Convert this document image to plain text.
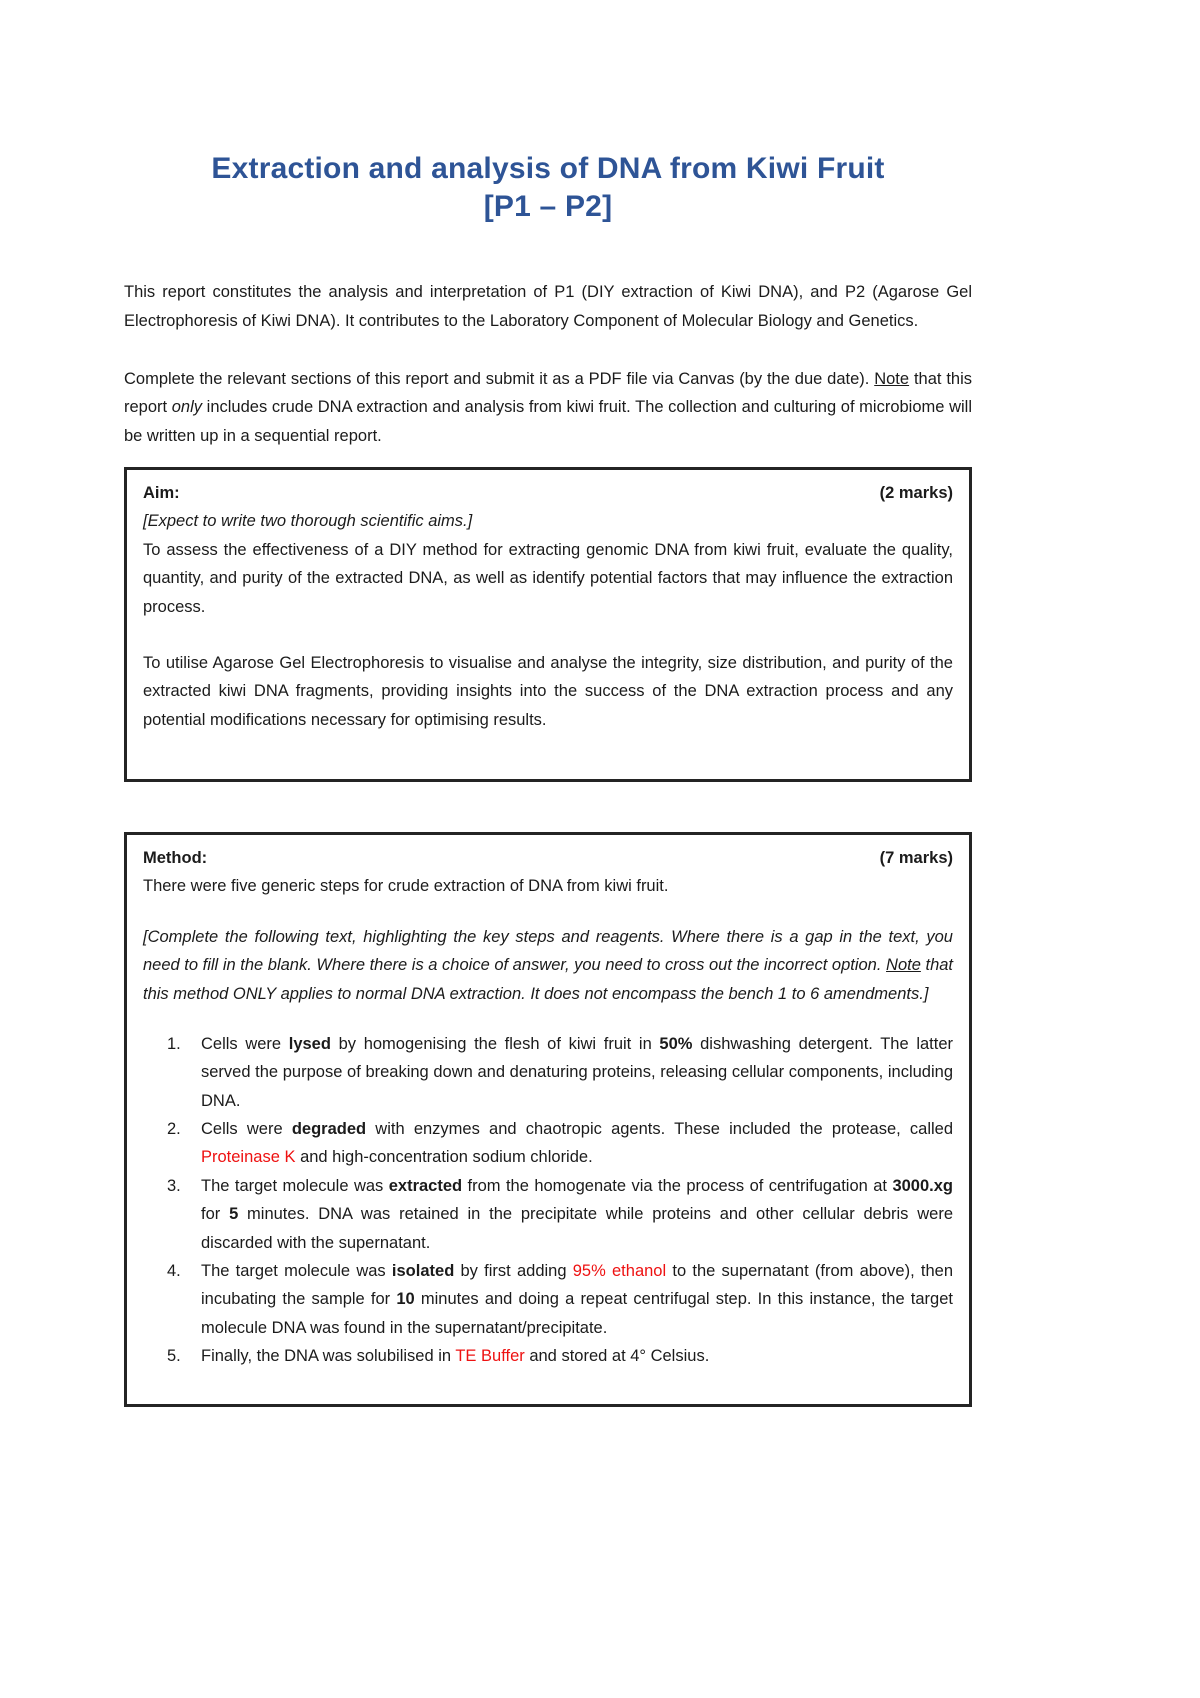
Extraction and analysis of DNA from Kiwi Fruit
[P1 – P2]

This report constitutes the analysis and interpretation of P1 (DIY extraction of Kiwi DNA), and P2 (Agarose Gel Electrophoresis of Kiwi DNA). It contributes to the Laboratory Component of Molecular Biology and Genetics.

Complete the relevant sections of this report and submit it as a PDF file via Canvas (by the due date). Note that this report only includes crude DNA extraction and analysis from kiwi fruit. The collection and culturing of microbiome will be written up in a sequential report.

Aim:	(2 marks)
[Expect to write two thorough scientific aims.]
To assess the effectiveness of a DIY method for extracting genomic DNA from kiwi fruit, evaluate the quality, quantity, and purity of the extracted DNA, as well as identify potential factors that may influence the extraction process.
To utilise Agarose Gel Electrophoresis to visualise and analyse the integrity, size distribution, and purity of the extracted kiwi DNA fragments, providing insights into the success of the DNA extraction process and any potential modifications necessary for optimising results.
Method:	(7 marks)
There were five generic steps for crude extraction of DNA from kiwi fruit.
[Complete the following text, highlighting the key steps and reagents. Where there is a gap in the text, you need to fill in the blank. Where there is a choice of answer, you need to cross out the incorrect option. Note that this method ONLY applies to normal DNA extraction. It does not encompass the bench 1 to 6 amendments.]
1.	Cells were lysed by homogenising the flesh of kiwi fruit in 50% dishwashing detergent. The latter served the purpose of breaking down and denaturing proteins, releasing cellular components, including DNA.
2.	Cells were degraded with enzymes and chaotropic agents. These included the protease, called Proteinase K and high-concentration sodium chloride.
3.	The target molecule was extracted from the homogenate via the process of centrifugation at 3000.xg for 5 minutes. DNA was retained in the precipitate while proteins and other cellular debris were discarded with the supernatant.
4.	The target molecule was isolated by first adding 95% ethanol to the supernatant (from above), then incubating the sample for 10 minutes and doing a repeat centrifugal step. In this instance, the target molecule DNA was found in the supernatant/precipitate.
5.	Finally, the DNA was solubilised in TE Buffer and stored at 4° Celsius.
